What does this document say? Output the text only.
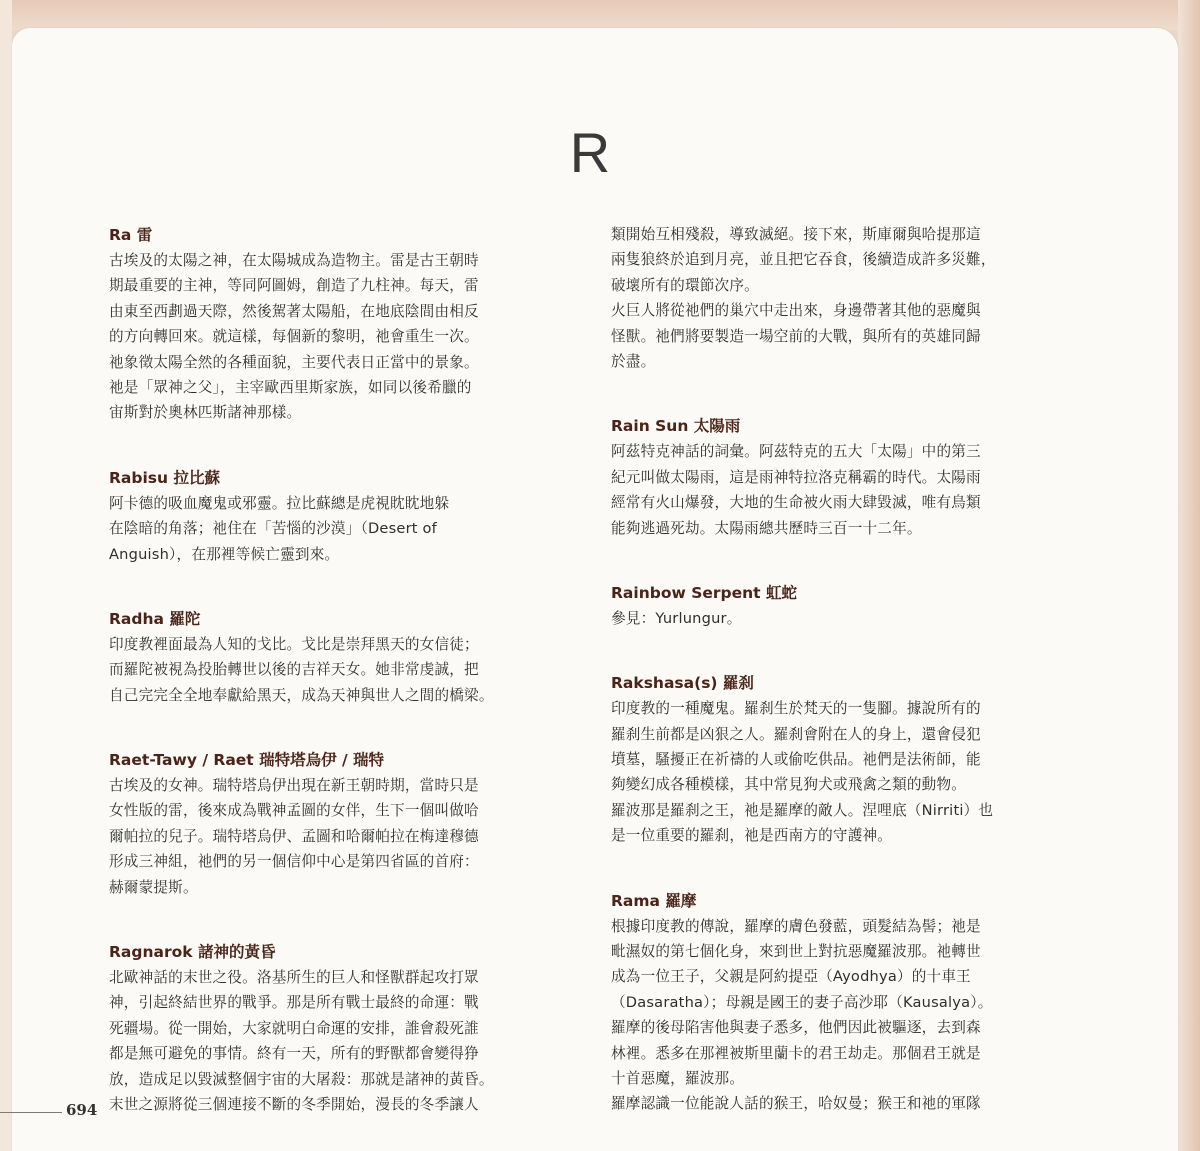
R
Ra 雷
古埃及的太陽之神，在太陽城成為造物主。雷是古王朝時
期最重要的主神，等同阿圖姆，創造了九柱神。每天，雷
由東至西劃過天際，然後駕著太陽船，在地底陰間由相反
的方向轉回來。就這樣，每個新的黎明，祂會重生一次。
祂象徵太陽全然的各種面貌，主要代表日正當中的景象。
祂是「眾神之父」，主宰歐西里斯家族，如同以後希臘的
宙斯對於奧林匹斯諸神那樣。
Rabisu 拉比蘇
阿卡德的吸血魔鬼或邪靈。拉比蘇總是虎視眈眈地躲
在陰暗的角落；祂住在「苦惱的沙漠」（Desert of
Anguish），在那裡等候亡靈到來。
Radha 羅陀
印度教裡面最為人知的戈比。戈比是崇拜黑天的女信徒；
而羅陀被視為投胎轉世以後的吉祥天女。她非常虔誠，把
自己完完全全地奉獻給黑天，成為天神與世人之間的橋梁。
Raet-Tawy / Raet 瑞特塔烏伊 / 瑞特
古埃及的女神。瑞特塔烏伊出現在新王朝時期，當時只是
女性版的雷，後來成為戰神孟圖的女伴，生下一個叫做哈
爾帕拉的兒子。瑞特塔烏伊、孟圖和哈爾帕拉在梅達穆德
形成三神組，祂們的另一個信仰中心是第四省區的首府：
赫爾蒙提斯。
Ragnarok 諸神的黃昏
北歐神話的末世之役。洛基所生的巨人和怪獸群起攻打眾
神，引起終結世界的戰爭。那是所有戰士最終的命運：戰
死疆場。從一開始，大家就明白命運的安排，誰會殺死誰
都是無可避免的事情。終有一天，所有的野獸都會變得狰
放，造成足以毀滅整個宇宙的大屠殺：那就是諸神的黃昏。
末世之源將從三個連接不斷的冬季開始，漫長的冬季讓人
類開始互相殘殺，導致滅絕。接下來，斯庫爾與哈提那這
兩隻狼終於追到月亮，並且把它吞食，後續造成許多災難，
破壞所有的環節次序。
火巨人將從祂們的巢穴中走出來，身邊帶著其他的惡魔與
怪獸。祂們將要製造一場空前的大戰，與所有的英雄同歸
於盡。
Rain Sun 太陽雨
阿茲特克神話的詞彙。阿茲特克的五大「太陽」中的第三
紀元叫做太陽雨，這是雨神特拉洛克稱霸的時代。太陽雨
經常有火山爆發，大地的生命被火雨大肆毀滅，唯有鳥類
能夠逃過死劫。太陽雨總共歷時三百一十二年。
Rainbow Serpent 虹蛇
參見：Yurlungur。
Rakshasa(s) 羅刹
印度教的一種魔鬼。羅刹生於梵天的一隻腳。據說所有的
羅刹生前都是凶狠之人。羅刹會附在人的身上，還會侵犯
墳墓，騷擾正在祈禱的人或偷吃供品。祂們是法術師，能
夠變幻成各種模樣，其中常見狗犬或飛禽之類的動物。
羅波那是羅刹之王，祂是羅摩的敵人。涅哩底（Nirriti）也
是一位重要的羅刹，祂是西南方的守護神。
Rama 羅摩
根據印度教的傳說，羅摩的膚色發藍，頭髮結為髻；祂是
毗濕奴的第七個化身，來到世上對抗惡魔羅波那。祂轉世
成為一位王子，父親是阿約提亞（Ayodhya）的十車王
（Dasaratha）；母親是國王的妻子高沙耶（Kausalya）。
羅摩的後母陷害他與妻子悉多，他們因此被驅逐，去到森
林裡。悉多在那裡被斯里蘭卡的君王劫走。那個君王就是
十首惡魔，羅波那。
羅摩認識一位能說人話的猴王，哈奴曼；猴王和祂的軍隊
694
